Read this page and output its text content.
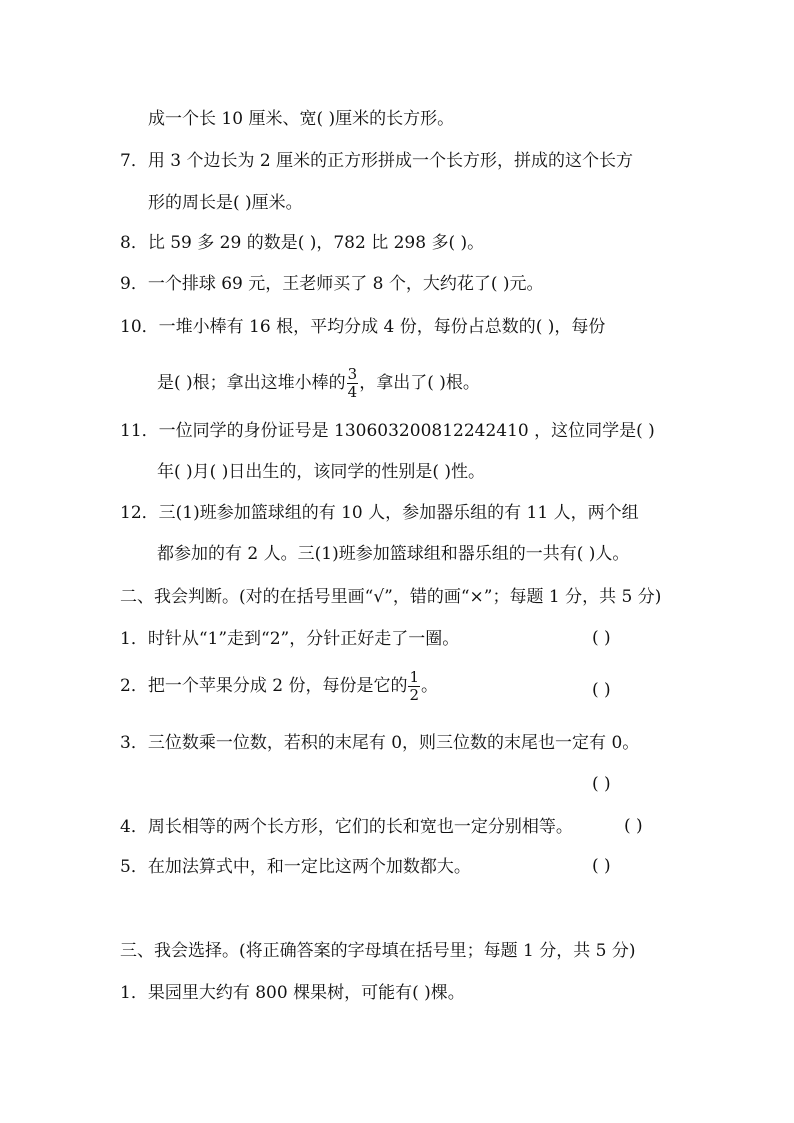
成一个长 10 厘米、宽( )厘米的长方形。
7．用 3 个边长为 2 厘米的正方形拼成一个长方形，拼成的这个长方
形的周长是( )厘米。
8．比 59 多 29 的数是( )，782 比 298 多( )。
9．一个排球 69 元，王老师买了 8 个，大约花了( )元。
10．一堆小棒有 16 根，平均分成 4 份，每份占总数的( )，每份
是( )根；拿出这堆小棒的 $\frac{3}{4}$ ，拿出了( )根。
11．一位同学的身份证号是 130603200812242410 ，这位同学是( )
年( )月( )日出生的，该同学的性别是( )性。
12．三(1)班参加篮球组的有 10 人，参加器乐组的有 11 人，两个组
都参加的有 2 人。三(1)班参加篮球组和器乐组的一共有( )人。
二、我会判断。(对的在括号里画“√”，错的画“×”；每题 1 分，共 5 分)
1．时针从“1”走到“2”，分针正好走了一圈。	( )
2．把一个苹果分成 2 份，每份是它的 $\frac{1}{2}$ 。	( )
3．三位数乘一位数，若积的末尾有 0，则三位数的末尾也一定有 0。
( )
4．周长相等的两个长方形，它们的长和宽也一定分别相等。	( )
5．在加法算式中，和一定比这两个加数都大。	( )
三、我会选择。(将正确答案的字母填在括号里；每题 1 分，共 5 分)
1．果园里大约有 800 棵果树，可能有( )棵。
